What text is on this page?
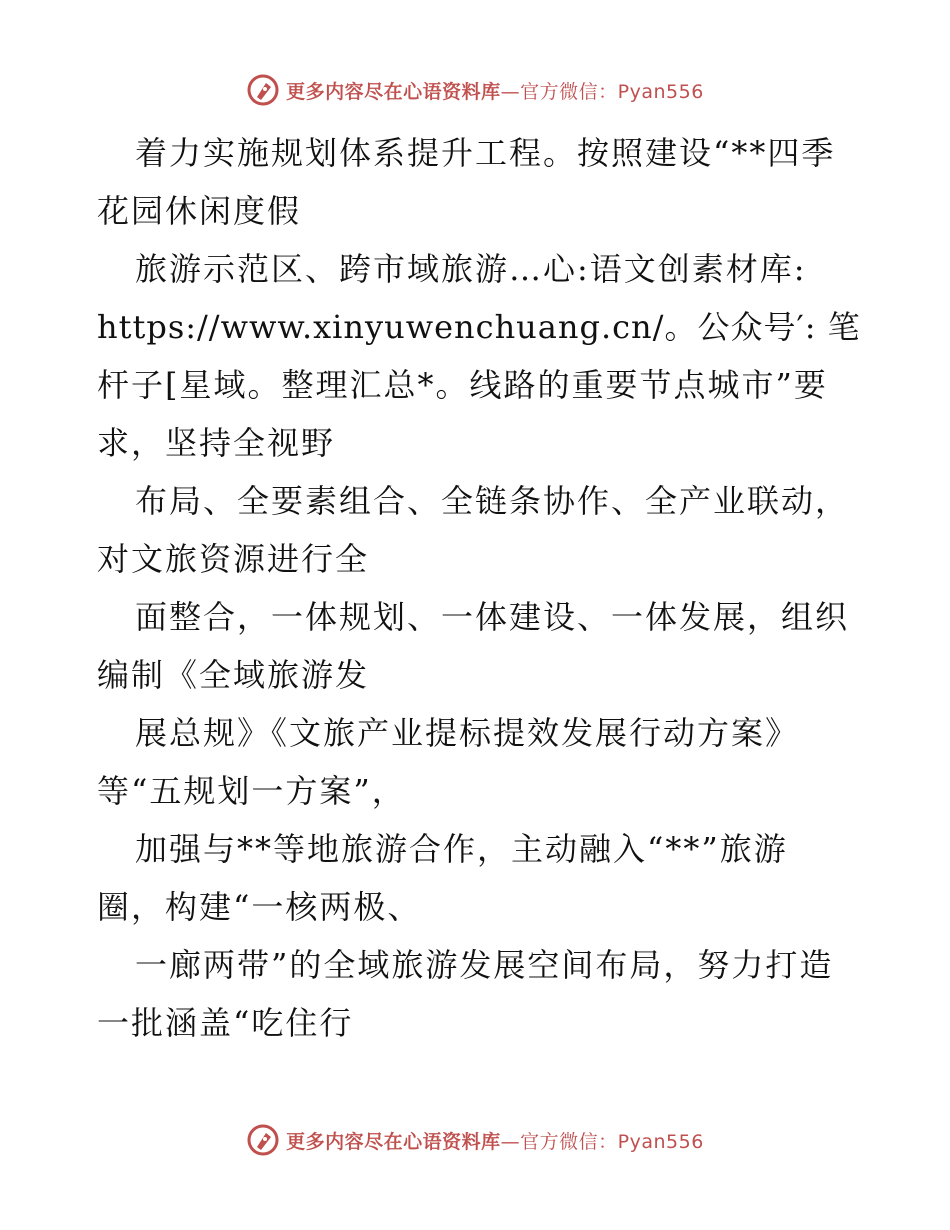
更多内容尽在心语资料库—官方微信：Pyan556
着力实施规划体系提升工程。按照建设“**四季
花园休闲度假
旅游示范区、跨市域旅游…心:语文创素材库:
https://www.xinyuwenchuang.cn/。公众号′: 笔
杆子[星域。整理汇总*。线路的重要节点城市”要
求，坚持全视野
布局、全要素组合、全链条协作、全产业联动，
对文旅资源进行全
面整合，一体规划、一体建设、一体发展，组织
编制《全域旅游发
展总规》《文旅产业提标提效发展行动方案》
等“五规划一方案”，
加强与**等地旅游合作，主动融入“**”旅游
圈，构建“一核两极、
一廊两带”的全域旅游发展空间布局，努力打造
一批涵盖“吃住行
更多内容尽在心语资料库—官方微信：Pyan556
